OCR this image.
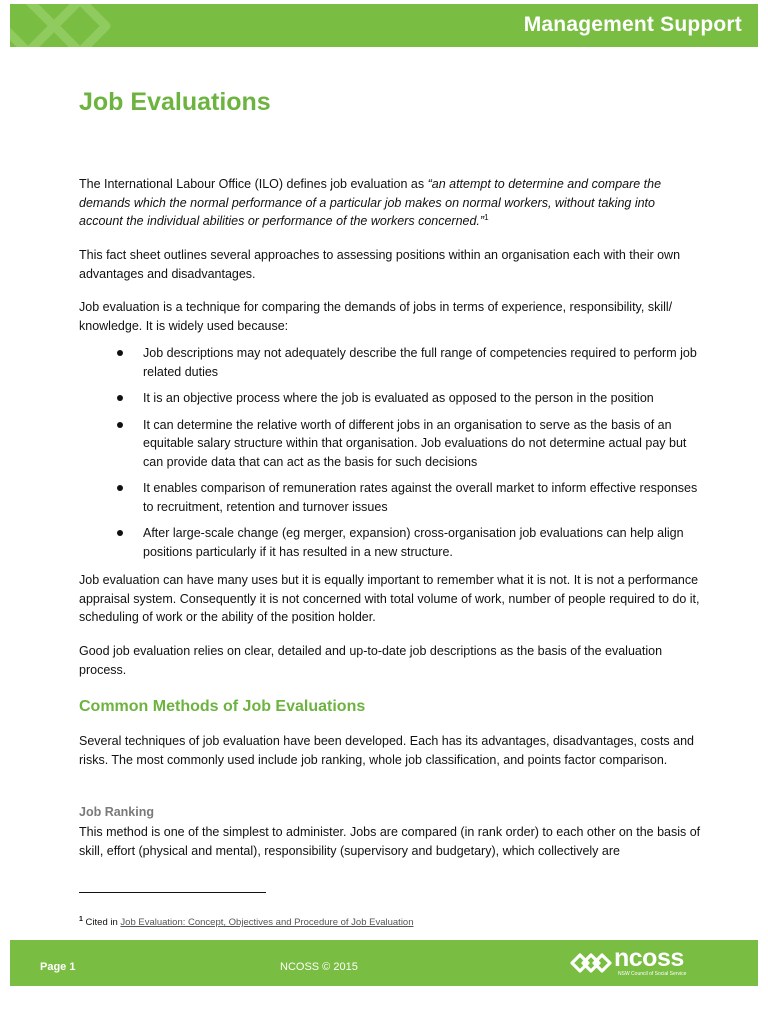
Management Support
Job Evaluations

The International Labour Office (ILO) defines job evaluation as “an attempt to determine and compare the demands which the normal performance of a particular job makes on normal workers, without taking into account the individual abilities or performance of the workers concerned.”$^1$

This fact sheet outlines several approaches to assessing positions within an organisation each with their own advantages and disadvantages.

Job evaluation is a technique for comparing the demands of jobs in terms of experience, responsibility, skill/ knowledge. It is widely used because:

Job descriptions may not adequately describe the full range of competencies required to perform job related duties
It is an objective process where the job is evaluated as opposed to the person in the position
It can determine the relative worth of different jobs in an organisation to serve as the basis of an equitable salary structure within that organisation. Job evaluations do not determine actual pay but can provide data that can act as the basis for such decisions
It enables comparison of remuneration rates against the overall market to inform effective responses to recruitment, retention and turnover issues
After large-scale change (eg merger, expansion) cross-organisation job evaluations can help align positions particularly if it has resulted in a new structure.

Job evaluation can have many uses but it is equally important to remember what it is not. It is not a performance appraisal system. Consequently it is not concerned with total volume of work, number of people required to do it, scheduling of work or the ability of the position holder.

Good job evaluation relies on clear, detailed and up-to-date job descriptions as the basis of the evaluation process.

Common Methods of Job Evaluations

Several techniques of job evaluation have been developed. Each has its advantages, disadvantages, costs and risks. The most commonly used include job ranking, whole job classification, and points factor comparison.

Job Ranking

This method is one of the simplest to administer. Jobs are compared (in rank order) to each other on the basis of skill, effort (physical and mental), responsibility (supervisory and budgetary), which collectively are

$^1$ Cited in Job Evaluation: Concept, Objectives and Procedure of Job Evaluation
Page 1	NCOSS © 2015	ncoss
NSW Council of Social Service
